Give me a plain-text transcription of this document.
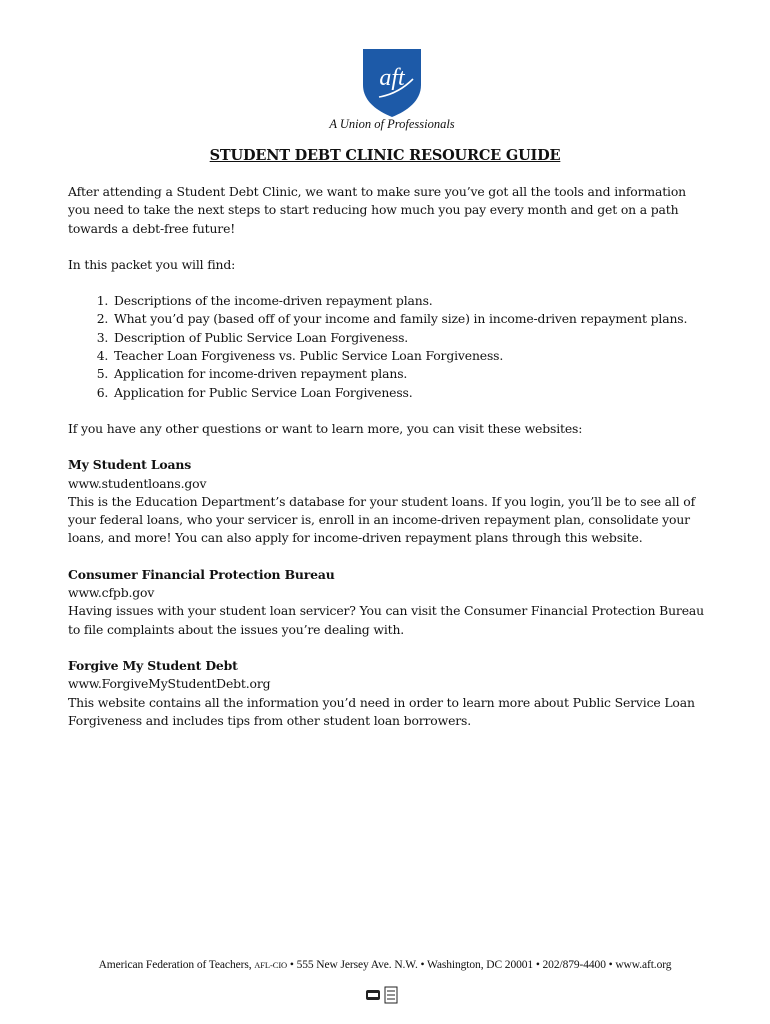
aft
A Union of Professionals
STUDENT DEBT CLINIC RESOURCE GUIDE

After attending a Student Debt Clinic, we want to make sure you’ve got all the tools and information you need to take the next steps to start reducing how much you pay every month and get on a path towards a debt-free future!

In this packet you will find:

1. Descriptions of the income-driven repayment plans.
2. What you’d pay (based off of your income and family size) in income-driven repayment plans.
3. Description of Public Service Loan Forgiveness.
4. Teacher Loan Forgiveness vs. Public Service Loan Forgiveness.
5. Application for income-driven repayment plans.
6. Application for Public Service Loan Forgiveness.

If you have any other questions or want to learn more, you can visit these websites:

My Student Loans

www.studentloans.gov

This is the Education Department’s database for your student loans. If you login, you’ll be to see all of your federal loans, who your servicer is, enroll in an income-driven repayment plan, consolidate your loans, and more! You can also apply for income-driven repayment plans through this website.

Consumer Financial Protection Bureau

www.cfpb.gov

Having issues with your student loan servicer? You can visit the Consumer Financial Protection Bureau to file complaints about the issues you’re dealing with.

Forgive My Student Debt

www.ForgiveMyStudentDebt.org

This website contains all the information you’d need in order to learn more about Public Service Loan Forgiveness and includes tips from other student loan borrowers.

American Federation of Teachers, AFL-CIO • 555 New Jersey Ave. N.W. • Washington, DC 20001 • 202/879-4400 • www.aft.org
